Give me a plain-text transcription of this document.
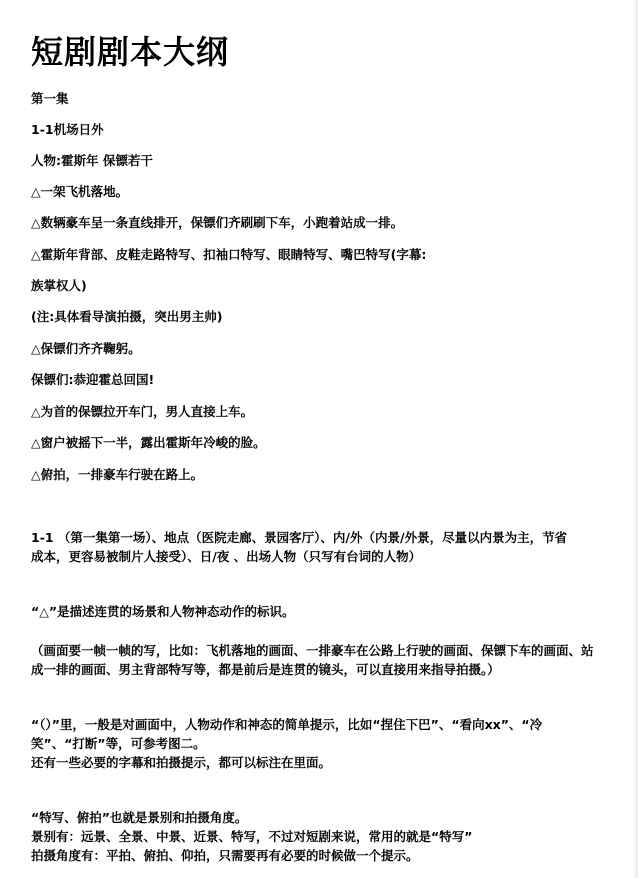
短剧剧本大纲

第一集

1-1机场日外

人物:霍斯年 保镖若干

△一架飞机落地。

△数辆豪车呈一条直线排开，保镖们齐刷刷下车，小跑着站成一排。

△霍斯年背部、皮鞋走路特写、扣袖口特写、眼睛特写、嘴巴特写(字幕:

族掌权人)

(注:具体看导演拍摄，突出男主帅)

△保镖们齐齐鞠躬。

保镖们:恭迎霍总回国!

△为首的保镖拉开车门，男人直接上车。

△窗户被摇下一半，露出霍斯年冷峻的脸。

△俯拍，一排豪车行驶在路上。

1-1 （第一集第一场）、地点（医院走廊、景园客厅）、内/外（内景/外景，尽量以内景为主，节省
成本，更容易被制片人接受）、日/夜 、出场人物（只写有台词的人物）

“△”是描述连贯的场景和人物神态动作的标识。

（画面要一帧一帧的写，比如：飞机落地的画面、一排豪车在公路上行驶的画面、保镖下车的画面、站
成一排的画面、男主背部特写等，都是前后是连贯的镜头，可以直接用来指导拍摄。）
“（）”里，一般是对画面中，人物动作和神态的简单提示，比如“捏住下巴”、“看向xx”、“冷
笑”、“打断”等，可参考图二。
还有一些必要的字幕和拍摄提示，都可以标注在里面。
“特写、俯拍”也就是景别和拍摄角度。
景别有：远景、全景、中景、近景、特写，不过对短剧来说，常用的就是“特写”
拍摄角度有：平拍、俯拍、仰拍，只需要再有必要的时候做一个提示。
